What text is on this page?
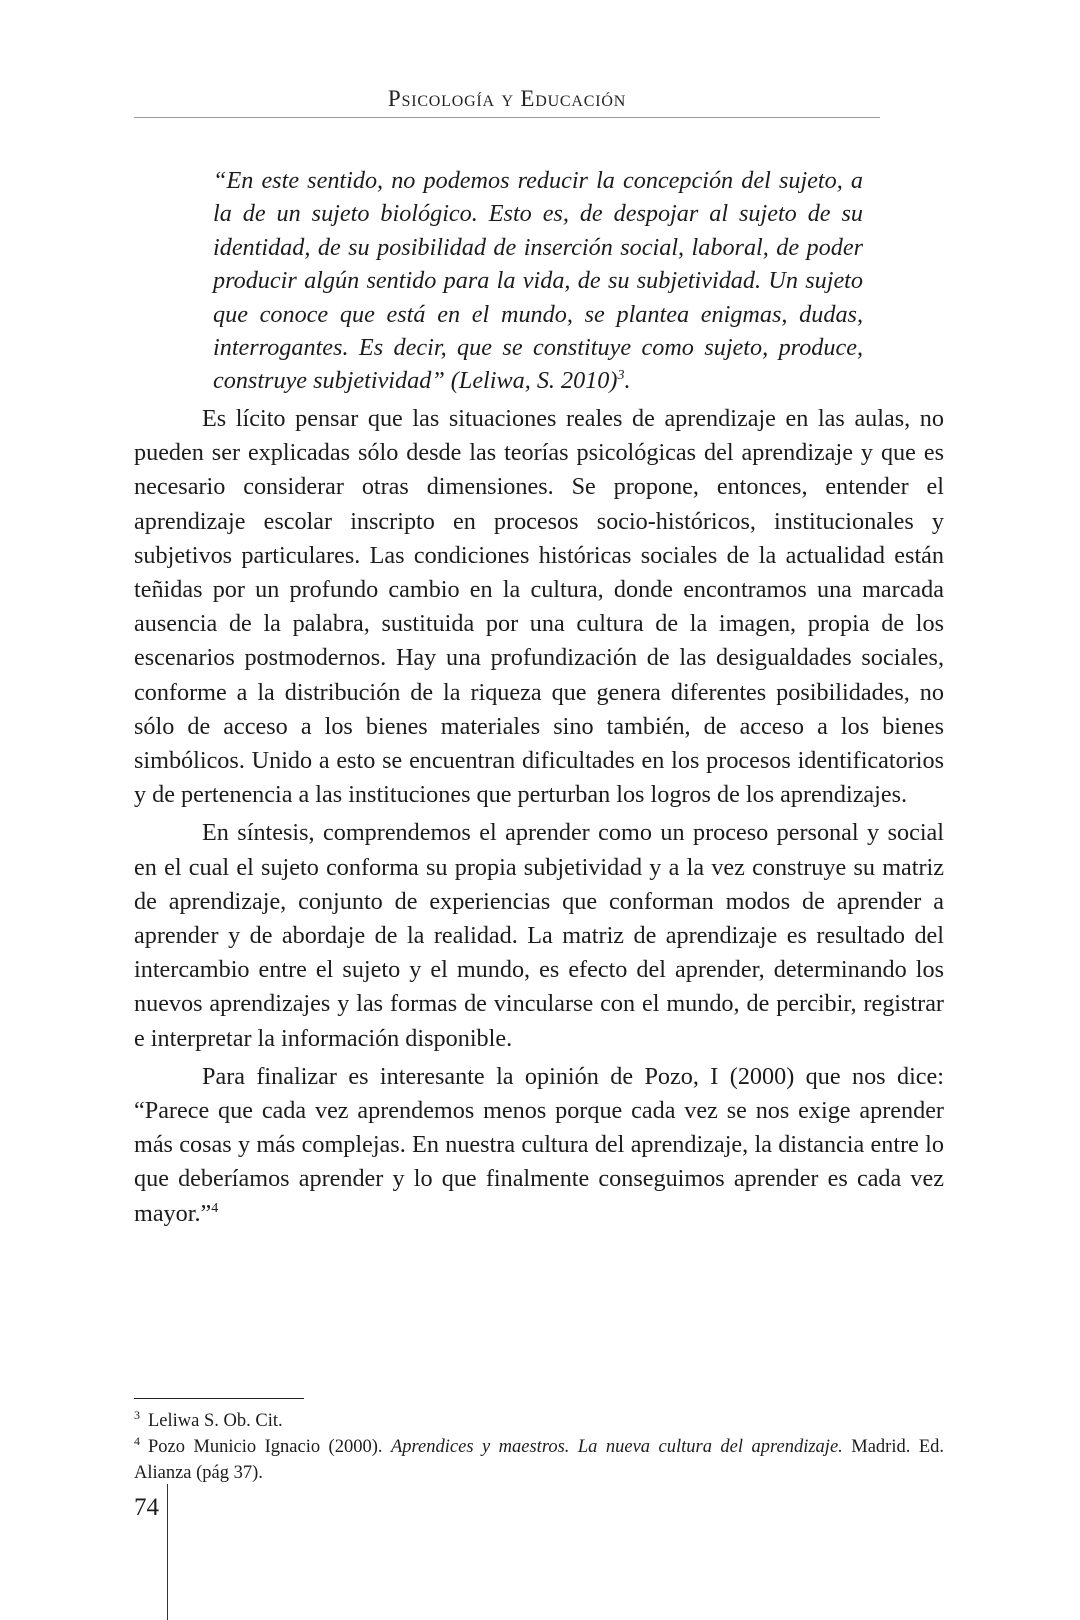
Psicología y Educación
“En este sentido, no podemos reducir la concepción del sujeto, a la de un sujeto biológico. Esto es, de despojar al sujeto de su identidad, de su posibilidad de inserción social, laboral, de poder producir algún sentido para la vida, de su subjetividad. Un sujeto que conoce que está en el mundo, se plantea enigmas, dudas, interrogantes. Es decir, que se constituye como sujeto, produce, construye subjetividad” (Leliwa, S. 2010)$^3$.

Es lícito pensar que las situaciones reales de aprendizaje en las aulas, no pueden ser explicadas sólo desde las teorías psicológicas del aprendizaje y que es necesario considerar otras dimensiones. Se propone, entonces, entender el aprendizaje escolar inscripto en procesos socio-históricos, institucionales y subjetivos particulares. Las condiciones históricas sociales de la actualidad están teñidas por un profundo cambio en la cultura, donde encontramos una marcada ausencia de la palabra, sustituida por una cultura de la imagen, propia de los escenarios postmodernos. Hay una profundización de las desigualdades sociales, conforme a la distribución de la riqueza que genera diferentes posibilidades, no sólo de acceso a los bienes materiales sino también, de acceso a los bienes simbólicos. Unido a esto se encuentran dificultades en los procesos identificatorios y de pertenencia a las instituciones que perturban los logros de los aprendizajes.

En síntesis, comprendemos el aprender como un proceso personal y social en el cual el sujeto conforma su propia subjetividad y a la vez construye su matriz de aprendizaje, conjunto de experiencias que conforman modos de aprender a aprender y de abordaje de la realidad. La matriz de aprendizaje es resultado del intercambio entre el sujeto y el mundo, es efecto del aprender, determinando los nuevos aprendizajes y las formas de vincularse con el mundo, de percibir, registrar e interpretar la información disponible.

Para finalizar es interesante la opinión de Pozo, I (2000) que nos dice: “Parece que cada vez aprendemos menos porque cada vez se nos exige aprender más cosas y más complejas. En nuestra cultura del aprendizaje, la distancia entre lo que deberíamos aprender y lo que finalmente conseguimos aprender es cada vez mayor.”$^4$

$^3$ Leliwa S. Ob. Cit.

$^4$ Pozo Municio Ignacio (2000). Aprendices y maestros. La nueva cultura del aprendizaje. Madrid. Ed. Alianza (pág 37).

74
